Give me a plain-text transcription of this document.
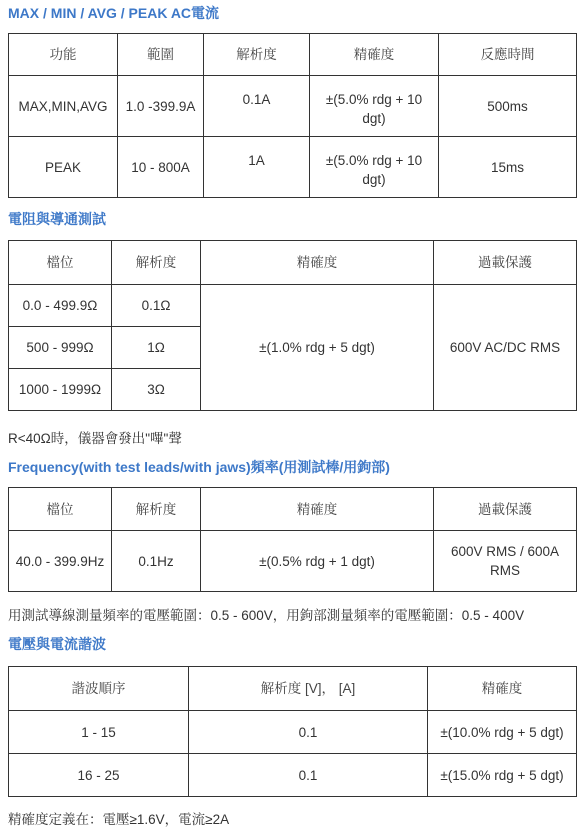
MAX / MIN / AVG / PEAK AC電流

功能	範圍	解析度	精確度	反應時間
MAX,MIN,AVG	1.0 -399.9A	0.1A	±(5.0% rdg + 10 dgt)	500ms
PEAK	10 - 800A	1A	±(5.0% rdg + 10 dgt)	15ms

電阻與導通測試

檔位	解析度	精確度	過載保護
0.0 - 499.9Ω	0.1Ω	±(1.0% rdg + 5 dgt)	600V AC/DC RMS
500 - 999Ω	1Ω		
1000 - 1999Ω	3Ω		

R<40Ω時，儀器會發出"嗶"聲

Frequency(with test leads/with jaws)頻率(用測試棒/用鉤部)

檔位	解析度	精確度	過載保護
40.0 - 399.9Hz	0.1Hz	±(0.5% rdg + 1 dgt)	600V RMS / 600A RMS

用測試導線測量頻率的電壓範圍：0.5 - 600V，用鉤部測量頻率的電壓範圍：0.5 - 400V

電壓與電流諧波

諧波順序	解析度 [V]， [A]	精確度
1 - 15	0.1	±(10.0% rdg + 5 dgt)
16 - 25	0.1	±(15.0% rdg + 5 dgt)

精確度定義在：電壓≥1.6V，電流≥2A
